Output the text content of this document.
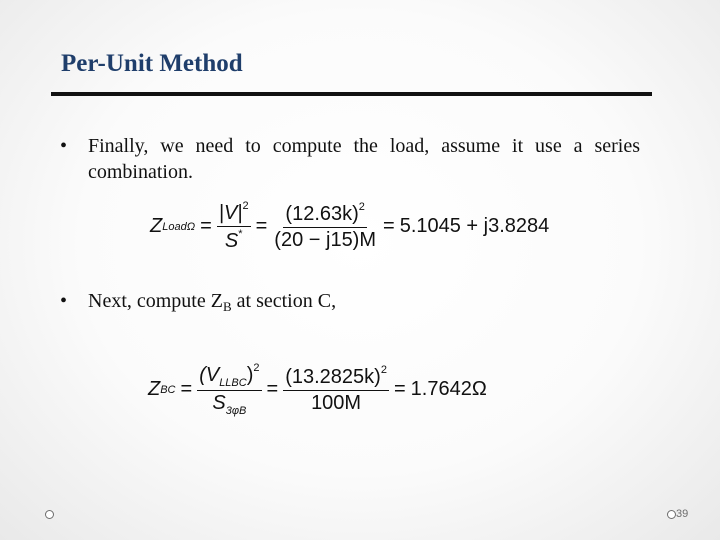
Per-Unit Method
• Finally, we need to compute the load, assume it use a series combination.
Z LoadΩ = $\frac{|V|^2}{S^*} = \frac{(12.63k)^2}{(20 - j15)M} = 5.1045 + j3.8284$
• Next, compute $Z_B$ at section C,
Z BC = $\frac{(V_{LLBC})^2}{S_{3\varphi B}} = \frac{(13.2825k)^2}{100M} = 1.7642\Omega$
39
